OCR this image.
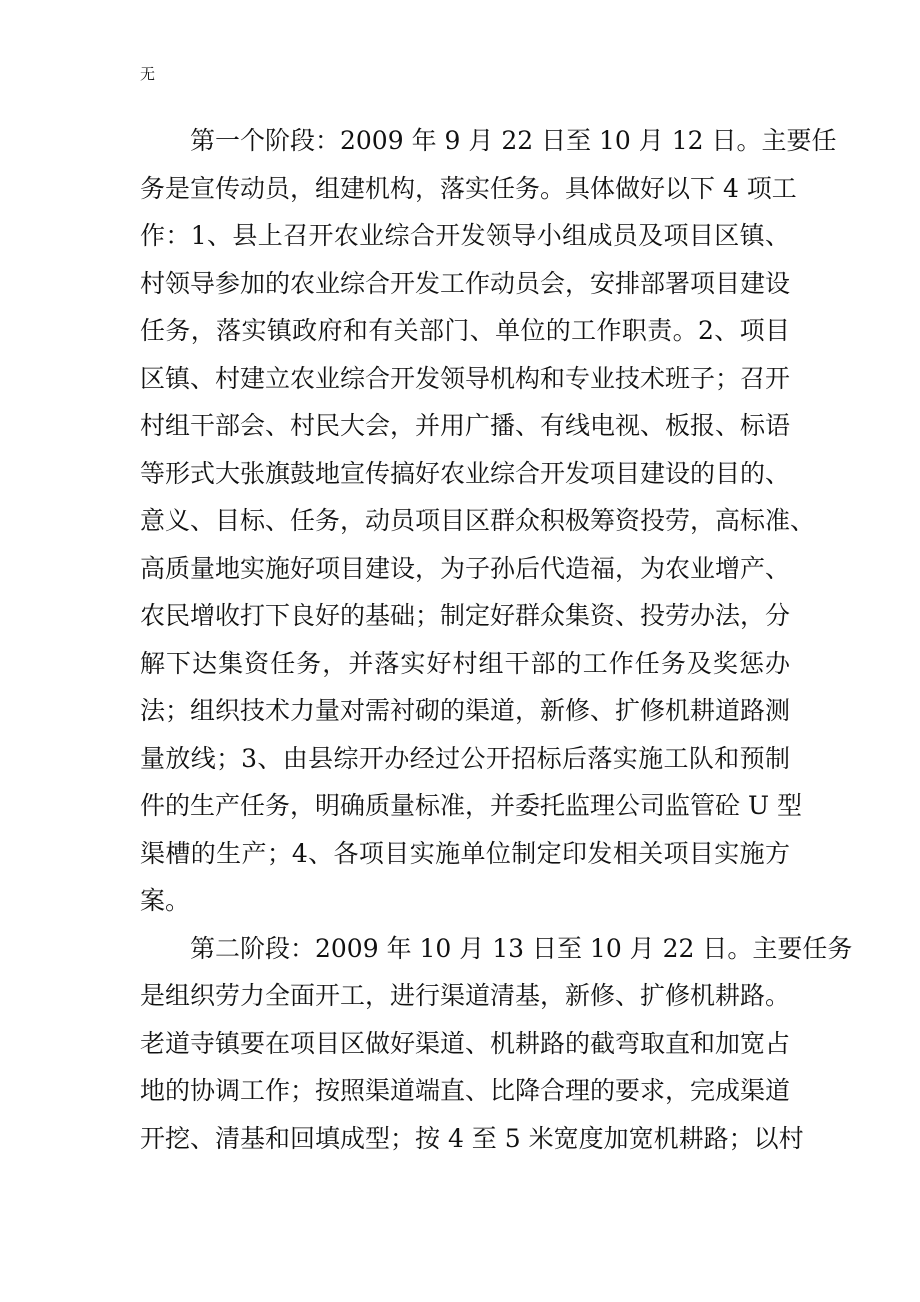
无
第一个阶段：2009 年 9 月 22 日至 10 月 12 日。主要任
务是宣传动员，组建机构，落实任务。具体做好以下 4 项工
作：1、县上召开农业综合开发领导小组成员及项目区镇、
村领导参加的农业综合开发工作动员会，安排部署项目建设
任务，落实镇政府和有关部门、单位的工作职责。2、项目
区镇、村建立农业综合开发领导机构和专业技术班子；召开
村组干部会、村民大会，并用广播、有线电视、板报、标语
等形式大张旗鼓地宣传搞好农业综合开发项目建设的目的、
意义、目标、任务，动员项目区群众积极筹资投劳，高标准、
高质量地实施好项目建设，为子孙后代造福，为农业增产、
农民增收打下良好的基础；制定好群众集资、投劳办法，分
解下达集资任务，并落实好村组干部的工作任务及奖惩办
法；组织技术力量对需衬砌的渠道，新修、扩修机耕道路测
量放线；3、由县综开办经过公开招标后落实施工队和预制
件的生产任务，明确质量标准，并委托监理公司监管砼 U 型
渠槽的生产；4、各项目实施单位制定印发相关项目实施方
案。
第二阶段：2009 年 10 月 13 日至 10 月 22 日。主要任务
是组织劳力全面开工，进行渠道清基，新修、扩修机耕路。
老道寺镇要在项目区做好渠道、机耕路的截弯取直和加宽占
地的协调工作；按照渠道端直、比降合理的要求，完成渠道
开挖、清基和回填成型；按 4 至 5 米宽度加宽机耕路；以村
